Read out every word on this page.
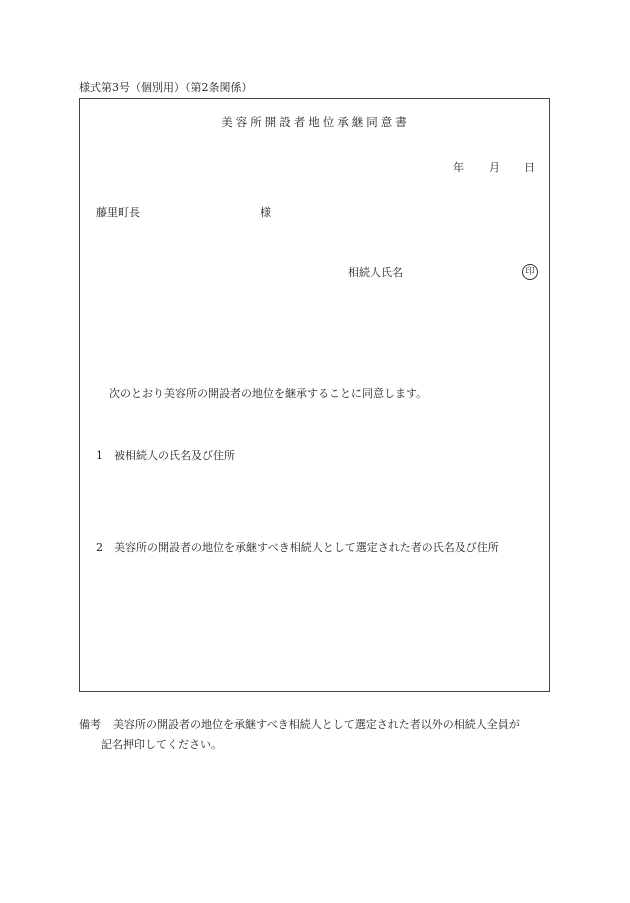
様式第3号（個別用）（第2条関係）
美容所開設者地位承継同意書
年 月 日
藤里町長	様
相続人氏名	印
次のとおり美容所の開設者の地位を継承することに同意します。
1 被相続人の氏名及び住所
2 美容所の開設者の地位を承継すべき相続人として選定された者の氏名及び住所
備考 美容所の開設者の地位を承継すべき相続人として選定された者以外の相続人全員が
記名押印してください。
